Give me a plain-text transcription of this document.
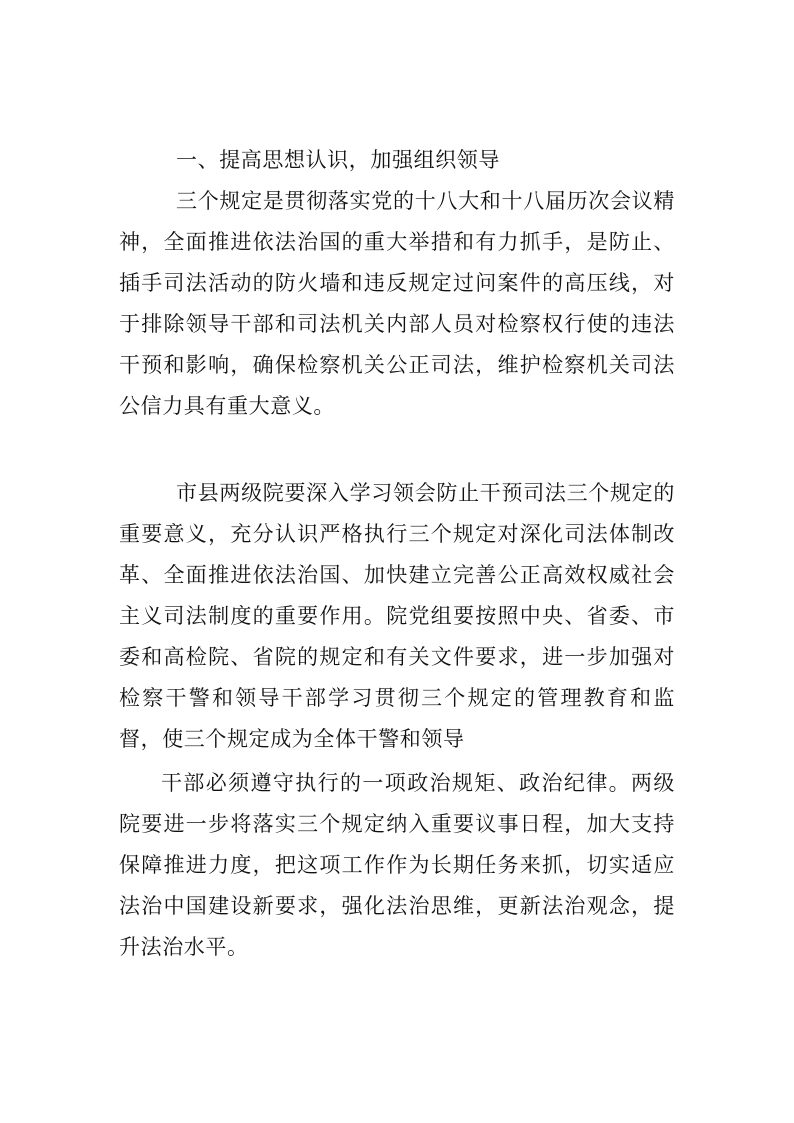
一、提高思想认识，加强组织领导

三个规定是贯彻落实党的十八大和十八届历次会议精神，全面推进依法治国的重大举措和有力抓手，是防止、插手司法活动的防火墙和违反规定过问案件的高压线，对于排除领导干部和司法机关内部人员对检察权行使的违法干预和影响，确保检察机关公正司法，维护检察机关司法公信力具有重大意义。

市县两级院要深入学习领会防止干预司法三个规定的重要意义，充分认识严格执行三个规定对深化司法体制改革、全面推进依法治国、加快建立完善公正高效权威社会主义司法制度的重要作用。院党组要按照中央、省委、市委和高检院、省院的规定和有关文件要求，进一步加强对检察干警和领导干部学习贯彻三个规定的管理教育和监督，使三个规定成为全体干警和领导

干部必须遵守执行的一项政治规矩、政治纪律。两级院要进一步将落实三个规定纳入重要议事日程，加大支持保障推进力度，把这项工作作为长期任务来抓，切实适应法治中国建设新要求，强化法治思维，更新法治观念，提升法治水平。
